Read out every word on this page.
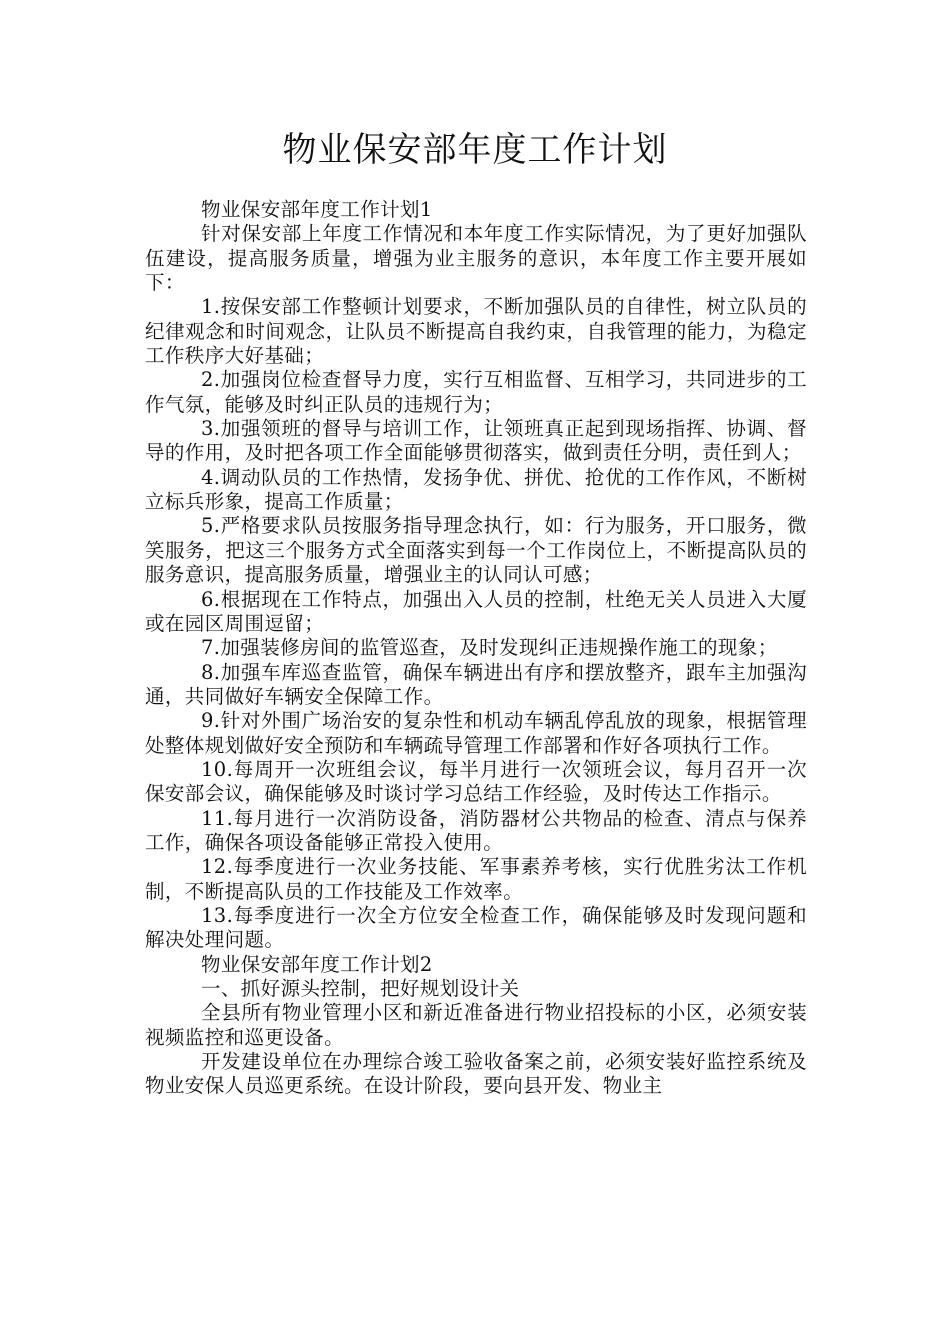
物业保安部年度工作计划

物业保安部年度工作计划1

针对保安部上年度工作情况和本年度工作实际情况，为了更好加强队伍建设，提高服务质量，增强为业主服务的意识，本年度工作主要开展如下：

1.按保安部工作整顿计划要求，不断加强队员的自律性，树立队员的纪律观念和时间观念，让队员不断提高自我约束，自我管理的能力，为稳定工作秩序大好基础；

2.加强岗位检查督导力度，实行互相监督、互相学习，共同进步的工作气氛，能够及时纠正队员的违规行为；

3.加强领班的督导与培训工作，让领班真正起到现场指挥、协调、督导的作用，及时把各项工作全面能够贯彻落实，做到责任分明，责任到人；

4.调动队员的工作热情，发扬争优、拼优、抢优的工作作风，不断树立标兵形象，提高工作质量；

5.严格要求队员按服务指导理念执行，如：行为服务，开口服务，微笑服务，把这三个服务方式全面落实到每一个工作岗位上，不断提高队员的服务意识，提高服务质量，增强业主的认同认可感；

6.根据现在工作特点，加强出入人员的控制，杜绝无关人员进入大厦或在园区周围逗留；

7.加强装修房间的监管巡查，及时发现纠正违规操作施工的现象；

8.加强车库巡查监管，确保车辆进出有序和摆放整齐，跟车主加强沟通，共同做好车辆安全保障工作。

9.针对外围广场治安的复杂性和机动车辆乱停乱放的现象，根据管理处整体规划做好安全预防和车辆疏导管理工作部署和作好各项执行工作。

10.每周开一次班组会议，每半月进行一次领班会议，每月召开一次保安部会议，确保能够及时谈讨学习总结工作经验，及时传达工作指示。

11.每月进行一次消防设备，消防器材公共物品的检查、清点与保养工作，确保各项设备能够正常投入使用。

12.每季度进行一次业务技能、军事素养考核，实行优胜劣汰工作机制，不断提高队员的工作技能及工作效率。

13.每季度进行一次全方位安全检查工作，确保能够及时发现问题和解决处理问题。

物业保安部年度工作计划2

一、抓好源头控制，把好规划设计关

全县所有物业管理小区和新近准备进行物业招投标的小区，必须安装视频监控和巡更设备。

开发建设单位在办理综合竣工验收备案之前，必须安装好监控系统及物业安保人员巡更系统。在设计阶段，要向县开发、物业主
